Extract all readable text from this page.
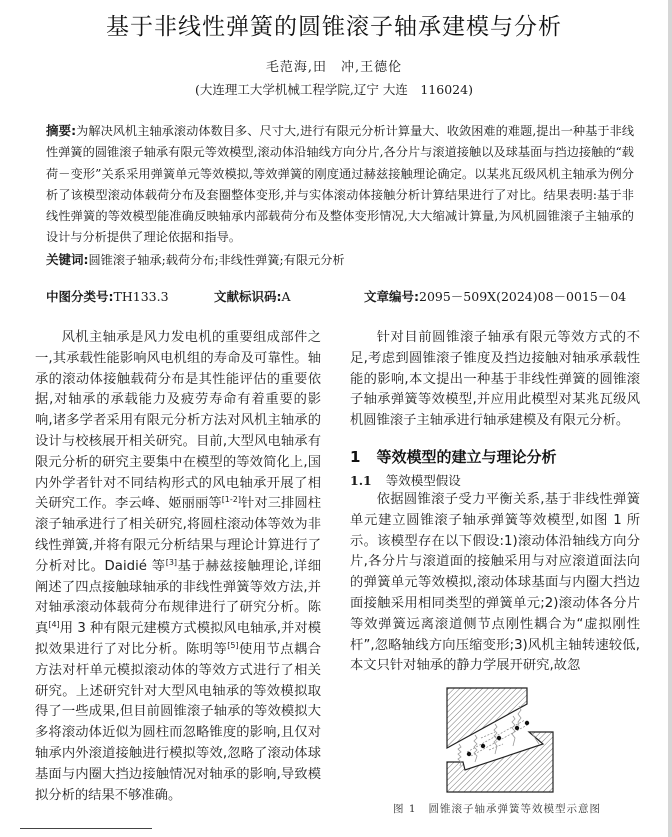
基于非线性弹簧的圆锥滚子轴承建模与分析
毛范海,田　冲,王德伦
(大连理工大学机械工程学院,辽宁 大连　116024)
摘要:为解决风机主轴承滚动体数目多、尺寸大,进行有限元分析计算量大、收敛困难的难题,提出一种基于非线性弹簧的圆锥滚子轴承有限元等效模型,滚动体沿轴线方向分片,各分片与滚道接触以及球基面与挡边接触的“载荷－变形”关系采用弹簧单元等效模拟,等效弹簧的刚度通过赫兹接触理论确定。以某兆瓦级风机主轴承为例分析了该模型滚动体载荷分布及套圈整体变形,并与实体滚动体接触分析计算结果进行了对比。结果表明:基于非线性弹簧的等效模型能准确反映轴承内部载荷分布及整体变形情况,大大缩减计算量,为风机圆锥滚子主轴承的设计与分析提供了理论依据和指导。
关键词:圆锥滚子轴承;载荷分布;非线性弹簧;有限元分析
中图分类号:TH133.3	文献标识码:A	文章编号:2095－509X(2024)08－0015－04

风机主轴承是风力发电机的重要组成部件之一,其承载性能影响风电机组的寿命及可靠性。轴承的滚动体接触载荷分布是其性能评估的重要依据,对轴承的承载能力及疲劳寿命有着重要的影响,诸多学者采用有限元分析方法对风机主轴承的设计与校核展开相关研究。目前,大型风电轴承有限元分析的研究主要集中在模型的等效简化上,国内外学者针对不同结构形式的风电轴承开展了相关研究工作。李云峰、姬丽丽等[1-2]针对三排圆柱滚子轴承进行了相关研究,将圆柱滚动体等效为非线性弹簧,并将有限元分析结果与理论计算进行了分析对比。Daidié 等[3]基于赫兹接触理论,详细阐述了四点接触球轴承的非线性弹簧等效方法,并对轴承滚动体载荷分布规律进行了研究分析。陈真[4]用 3 种有限元建模方式模拟风电轴承,并对模拟效果进行了对比分析。陈明等[5]使用节点耦合方法对杆单元模拟滚动体的等效方式进行了相关研究。上述研究针对大型风电轴承的等效模拟取得了一些成果,但目前圆锥滚子轴承的等效模拟大多将滚动体近似为圆柱而忽略锥度的影响,且仅对轴承内外滚道接触进行模拟等效,忽略了滚动体球基面与内圈大挡边接触情况对轴承的影响,导致模拟分析的结果不够准确。

针对目前圆锥滚子轴承有限元等效方式的不足,考虑到圆锥滚子锥度及挡边接触对轴承承载性能的影响,本文提出一种基于非线性弹簧的圆锥滚子轴承弹簧等效模型,并应用此模型对某兆瓦级风机圆锥滚子主轴承进行轴承建模及有限元分析。

1 等效模型的建立与理论分析
1.1 等效模型假设

依据圆锥滚子受力平衡关系,基于非线性弹簧单元建立圆锥滚子轴承弹簧等效模型,如图 1 所示。该模型存在以下假设:1)滚动体沿轴线方向分片,各分片与滚道面的接触采用与对应滚道面法向的弹簧单元等效模拟,滚动体球基面与内圈大挡边面接触采用相同类型的弹簧单元;2)滚动体各分片等效弹簧远离滚道侧节点刚性耦合为“虚拟刚性杆”,忽略轴线方向压缩变形;3)风机主轴转速较低,本文只针对轴承的静力学展开研究,故忽

图 1 圆锥滚子轴承弹簧等效模型示意图
